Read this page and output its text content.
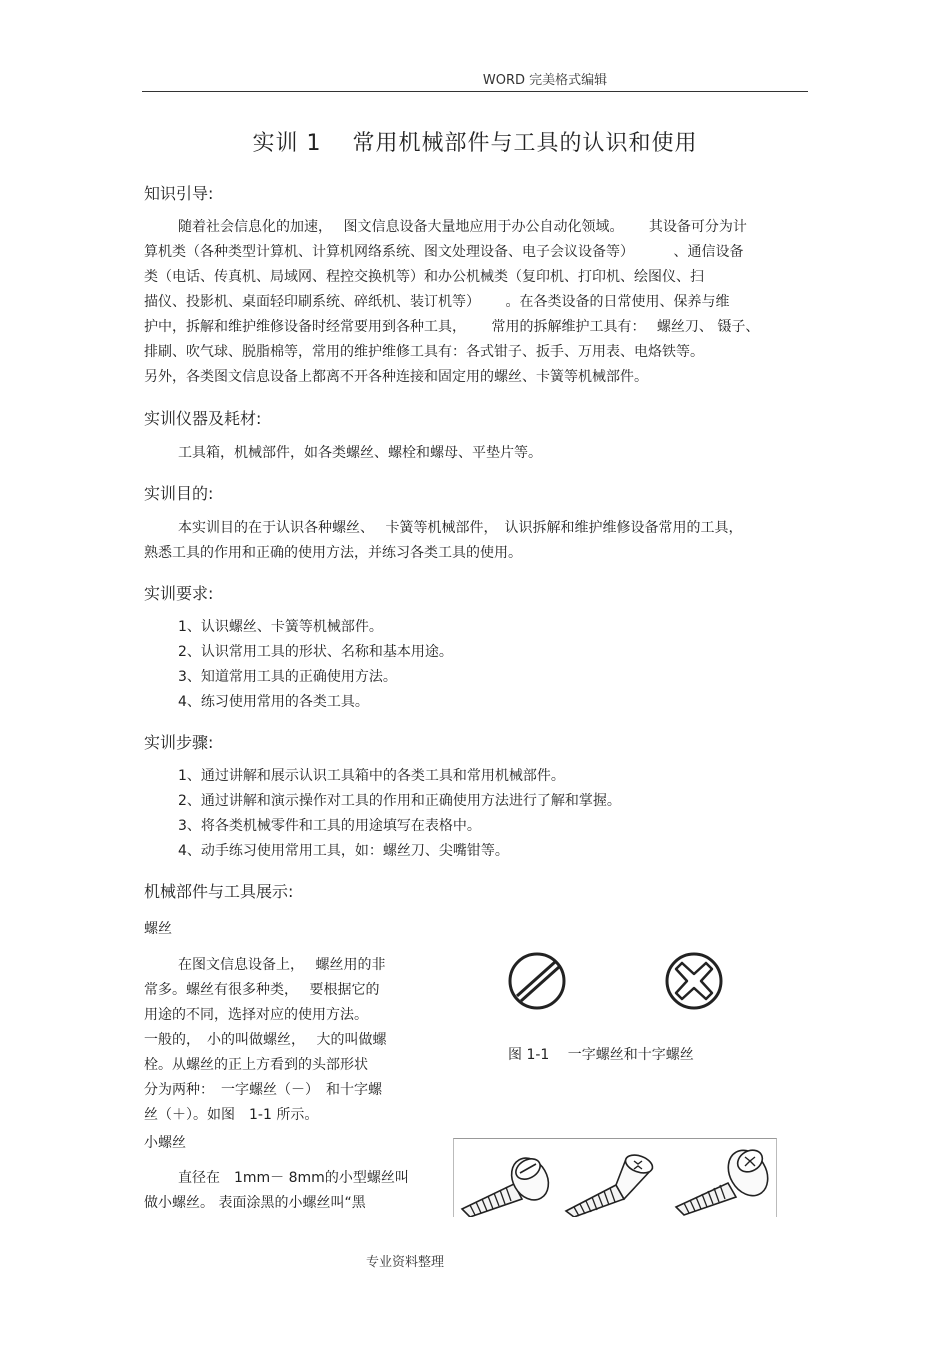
WORD 完美格式编辑
实训 1　 常用机械部件与工具的认识和使用
知识引导:
随着社会信息化的加速，　 图文信息设备大量地应用于办公自动化领域。　　 其设备可分为计
算机类（各种类型计算机、计算机网络系统、图文处理设备、电子会议设备等）　　　 、通信设备
类（电话、传真机、局域网、程控交换机等）和办公机械类（复印机、打印机、绘图仪、扫
描仪、投影机、桌面轻印刷系统、碎纸机、装订机等）　　 。在各类设备的日常使用、保养与维
护中，拆解和维护维修设备时经常要用到各种工具，　　 常用的拆解维护工具有：　 螺丝刀、 镊子、
排刷、吹气球、脱脂棉等，常用的维护维修工具有：各式钳子、扳手、万用表、电烙铁等。
另外，各类图文信息设备上都离不开各种连接和固定用的螺丝、卡簧等机械部件。
实训仪器及耗材:
工具箱，机械部件，如各类螺丝、螺栓和螺母、平垫片等。
实训目的:
本实训目的在于认识各种螺丝、　 卡簧等机械部件，　认识拆解和维护维修设备常用的工具，
熟悉工具的作用和正确的使用方法，并练习各类工具的使用。
实训要求:
1、认识螺丝、卡簧等机械部件。
2、认识常用工具的形状、名称和基本用途。
3、知道常用工具的正确使用方法。
4、练习使用常用的各类工具。
实训步骤:
1、通过讲解和展示认识工具箱中的各类工具和常用机械部件。
2、通过讲解和演示操作对工具的作用和正确使用方法进行了解和掌握。
3、将各类机械零件和工具的用途填写在表格中。
4、动手练习使用常用工具，如：螺丝刀、尖嘴钳等。
机械部件与工具展示:
螺丝
在图文信息设备上，　 螺丝用的非
常多。螺丝有很多种类，　 要根据它的
用途的不同，选择对应的使用方法。
一般的，　小的叫做螺丝，　 大的叫做螺
栓。从螺丝的正上方看到的头部形状
分为两种：　一字螺丝（－）　和十字螺
丝（＋）。如图　1-1 所示。
小螺丝
直径在　1mm－ 8mm的小型螺丝叫
做小螺丝。 表面涂黑的小螺丝叫“黑
图 1-1　 一字螺丝和十字螺丝
专业资料整理
